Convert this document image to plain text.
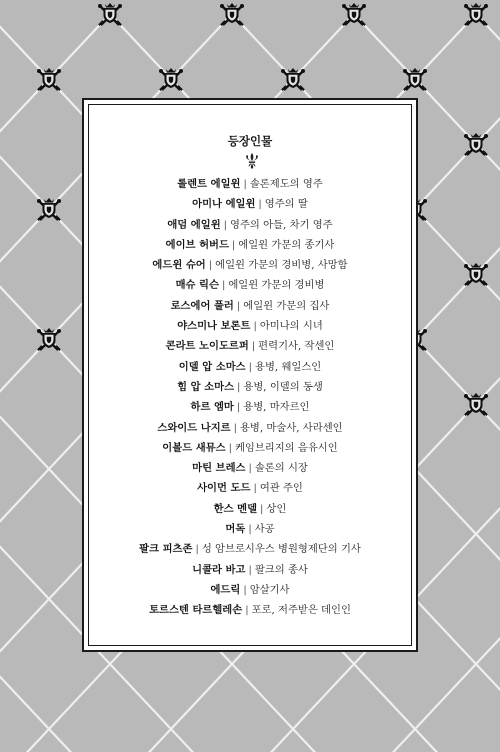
등장인물
롤렌트 에일윈 | 솔론제도의 영주
아미나 에일윈 | 영주의 딸
애덤 에일윈 | 영주의 아들, 차기 영주
에이브 허버드 | 에일윈 가문의 종기사
에드윈 슈어 | 에일윈 가문의 경비병, 사망함
매슈 릭슨 | 에일윈 가문의 경비병
로스에어 풀러 | 에일윈 가문의 집사
야스미나 보론트 | 아미나의 시녀
콘라트 노이도르퍼 | 편력기사, 작센인
이델 압 소마스 | 용병, 웨일스인
힘 압 소마스 | 용병, 이델의 동생
하르 엠마 | 용병, 마자르인
스와이드 나지르 | 용병, 마술사, 사라센인
이볼드 새뮤스 | 케임브리지의 음유시인
마틴 브레스 | 솔론의 시장
사이먼 도드 | 여관 주인
한스 멘델 | 상인
머독 | 사공
팔크 피츠존 | 성 암브로시우스 병원형제단의 기사
니콜라 바고 | 팔크의 종사
에드릭 | 암살기사
토르스텐 타르헬레손 | 포로, 저주받은 데인인
